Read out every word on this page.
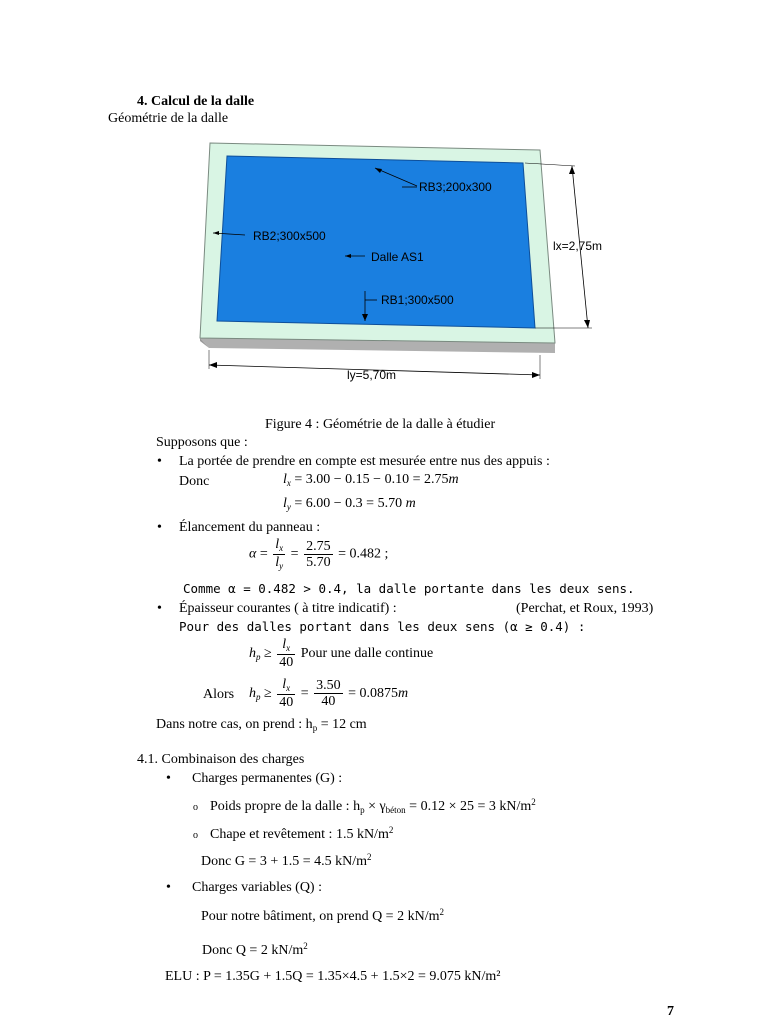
4. Calcul de la dalle
Géométrie de la dalle
RB3;200x300
RB2;300x500
Dalle AS1
RB1;300x500
lx=2,75m
ly=5,70m
Figure 4 : Géométrie de la dalle à étudier
Supposons que :
• La portée de prendre en compte est mesurée entre nus des appuis :
Donc	$l_x = 3.00 - 0.15 - 0.10 = 2.75m$
$l_y = 6.00 - 0.3 = 5.70$ m
• Élancement du panneau :
$\alpha = \frac{l_x}{l_y} = \frac{2.75}{5.70} = 0.482$ ;
Comme α = 0.482 > 0.4, la dalle portante dans les deux sens.
• Épaisseur courantes ( à titre indicatif) :	(Perchat, et Roux, 1993)
Pour des dalles portant dans les deux sens (α ≥ 0.4) :
$h_p \ge \frac{l_x}{40}$ Pour une dalle continue
Alors $h_p \ge \frac{l_x}{40} = \frac{3.50}{40} = 0.0875m$
Dans notre cas, on prend : $h_p = 12$ cm
4.1. Combinaison des charges
• Charges permanentes (G) :
o Poids propre de la dalle : $h_p \times \gamma_{béton} = 0.12 \times 25 = 3$ $kN/m^2$
o Chape et revêtement : 1.5 $kN/m^2$
Donc G = 3 + 1.5 = 4.5 $kN/m^2$
• Charges variables (Q) :
Pour notre bâtiment, on prend Q = 2 $kN/m^2$
Donc Q = 2 $kN/m^2$
ELU : P = 1.35G + 1.5Q = 1.35×4.5 + 1.5×2 = 9.075 kN/m²
7
